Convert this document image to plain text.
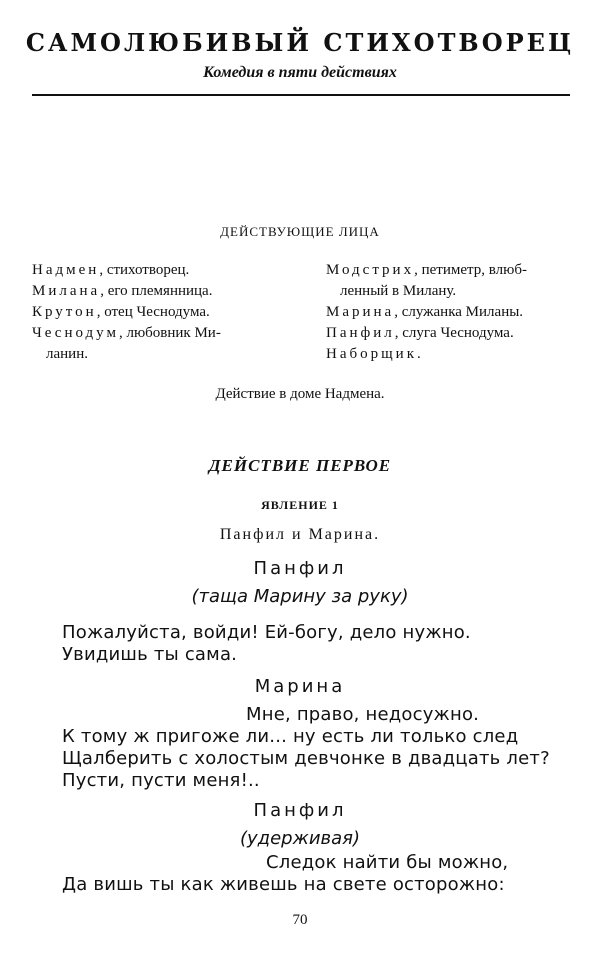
САМОЛЮБИВЫЙ СТИХОТВОРЕЦ
Комедия в пяти действиях
ДЕЙСТВУЮЩИЕ ЛИЦА
Надмен, стихотворец.
Милана, его племянница.
Крутон, отец Чеснодума.
Чеснодум, любовник Ми-
ланин.
Модстрих, петиметр, влюб-
ленный в Милану.
Марина, служанка Миланы.
Панфил, слуга Чеснодума.
Наборщик.
Действие в доме Надмена.
ДЕЙСТВИЕ ПЕРВОЕ
ЯВЛЕНИЕ 1
Панфил и Марина.
Панфил
(таща Марину за руку)
Пожалуйста, войди! Ей-богу, дело нужно.
Увидишь ты сама.
Марина
Мне, право, недосужно.
К тому ж пригоже ли... ну есть ли только след
Щалберить с холостым девчонке в двадцать лет?
Пусти, пусти меня!..
Панфил
(удерживая)
Следок найти бы можно,
Да вишь ты как живешь на свете осторожно:
70
